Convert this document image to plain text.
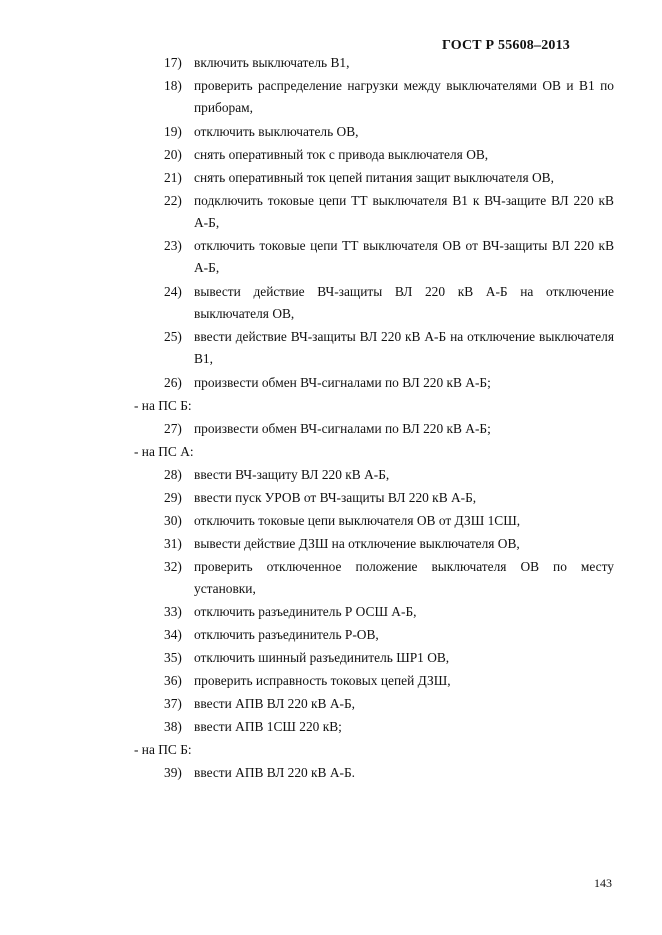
ГОСТ Р 55608–2013
17) включить выключатель В1,
18) проверить распределение нагрузки между выключателями ОВ и В1 по приборам,
19) отключить выключатель ОВ,
20) снять оперативный ток с привода выключателя ОВ,
21) снять оперативный ток цепей питания защит выключателя ОВ,
22) подключить токовые цепи ТТ выключателя В1 к ВЧ-защите ВЛ 220 кВ А-Б,
23) отключить токовые цепи ТТ выключателя ОВ от ВЧ-защиты ВЛ 220 кВ А-Б,
24) вывести действие ВЧ-защиты ВЛ 220 кВ А-Б на отключение выключателя ОВ,
25) ввести действие ВЧ-защиты ВЛ 220 кВ А-Б на отключение выключателя В1,
26) произвести обмен ВЧ-сигналами по ВЛ 220 кВ А-Б;
- на ПС Б:
27) произвести обмен ВЧ-сигналами по ВЛ 220 кВ А-Б;
- на ПС А:
28) ввести ВЧ-защиту ВЛ 220 кВ А-Б,
29) ввести пуск УРОВ от ВЧ-защиты ВЛ 220 кВ А-Б,
30) отключить токовые цепи выключателя ОВ от ДЗШ 1СШ,
31) вывести действие ДЗШ на отключение выключателя ОВ,
32) проверить отключенное положение выключателя ОВ по месту установки,
33) отключить разъединитель Р ОСШ А-Б,
34) отключить разъединитель Р-ОВ,
35) отключить шинный разъединитель ШР1 ОВ,
36) проверить исправность токовых цепей ДЗШ,
37) ввести АПВ ВЛ 220 кВ А-Б,
38) ввести АПВ 1СШ 220 кВ;
- на ПС Б:
39) ввести АПВ ВЛ 220 кВ А-Б.
143
